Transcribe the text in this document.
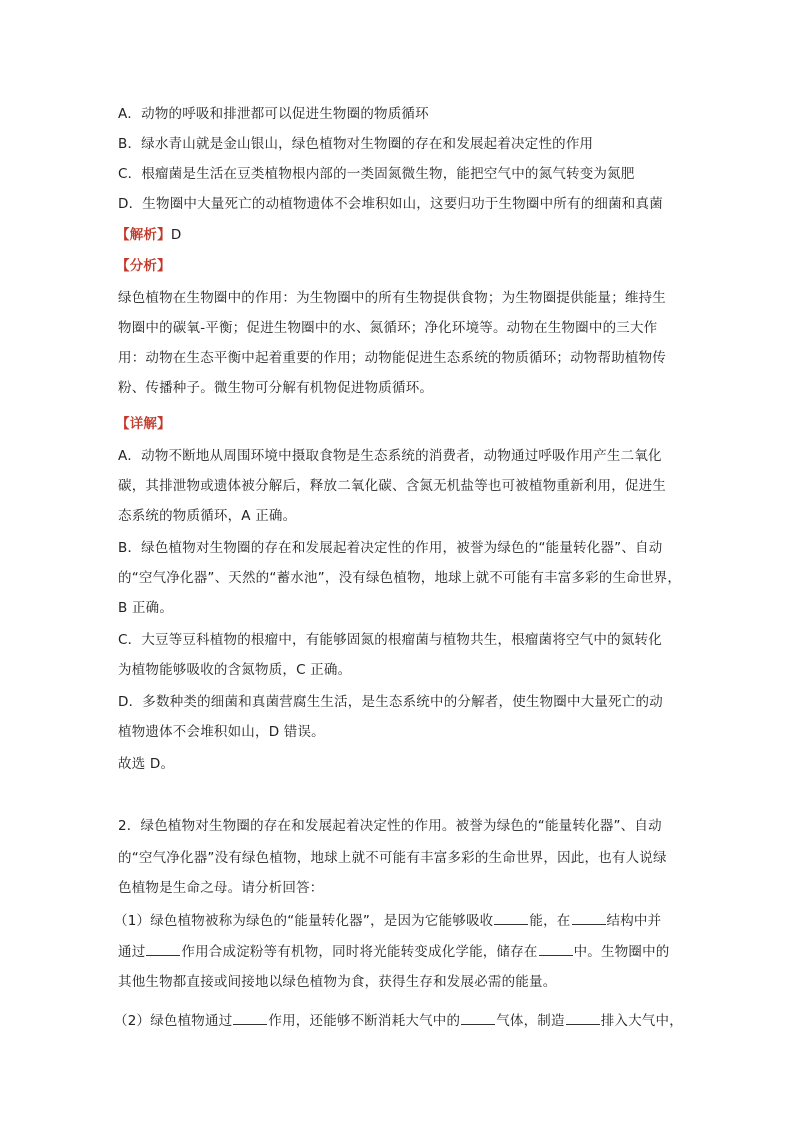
A．动物的呼吸和排泄都可以促进生物圈的物质循环
B．绿水青山就是金山银山，绿色植物对生物圈的存在和发展起着决定性的作用
C．根瘤菌是生活在豆类植物根内部的一类固氮微生物，能把空气中的氮气转变为氮肥
D．生物圈中大量死亡的动植物遗体不会堆积如山，这要归功于生物圈中所有的细菌和真菌
【解析】D
【分析】
绿色植物在生物圈中的作用：为生物圈中的所有生物提供食物；为生物圈提供能量；维持生
物圈中的碳氧-平衡；促进生物圈中的水、氮循环；净化环境等。动物在生物圈中的三大作
用：动物在生态平衡中起着重要的作用；动物能促进生态系统的物质循环；动物帮助植物传
粉、传播种子。微生物可分解有机物促进物质循环。
【详解】
A．动物不断地从周围环境中摄取食物是生态系统的消费者，动物通过呼吸作用产生二氧化
碳，其排泄物或遗体被分解后，释放二氧化碳、含氮无机盐等也可被植物重新利用，促进生
态系统的物质循环，A 正确。
B．绿色植物对生物圈的存在和发展起着决定性的作用，被誉为绿色的“能量转化器”、自动
的“空气净化器”、天然的“蓄水池”，没有绿色植物，地球上就不可能有丰富多彩的生命世界，
B 正确。
C．大豆等豆科植物的根瘤中，有能够固氮的根瘤菌与植物共生，根瘤菌将空气中的氮转化
为植物能够吸收的含氮物质，C 正确。
D．多数种类的细菌和真菌营腐生生活，是生态系统中的分解者，使生物圈中大量死亡的动
植物遗体不会堆积如山，D 错误。
故选 D。
2．绿色植物对生物圈的存在和发展起着决定性的作用。被誉为绿色的“能量转化器”、自动
的“空气净化器”没有绿色植物，地球上就不可能有丰富多彩的生命世界，因此，也有人说绿
色植物是生命之母。请分析回答：
（1）绿色植物被称为绿色的“能量转化器”，是因为它能够吸收	能，在	结构中并
通过	作用合成淀粉等有机物，同时将光能转变成化学能，储存在	中。生物圈中的
其他生物都直接或间接地以绿色植物为食，获得生存和发展必需的能量。
（2）绿色植物通过	作用，还能够不断消耗大气中的	气体，制造	排入大气中，
